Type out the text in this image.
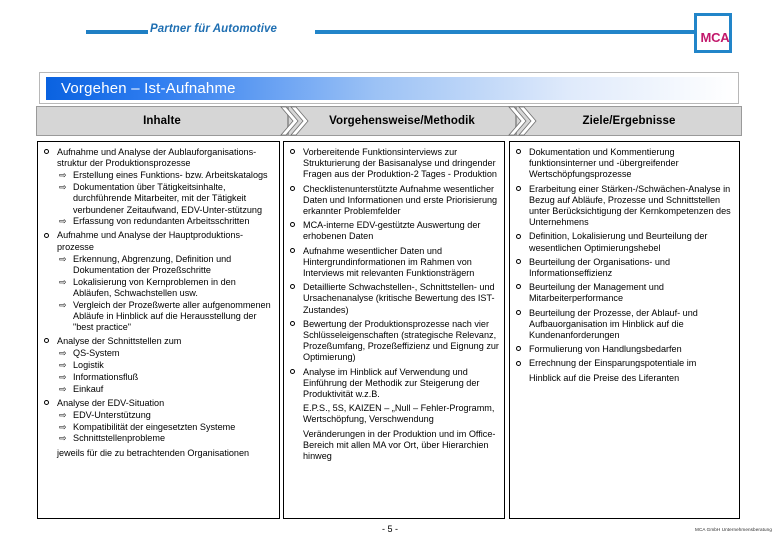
Partner für Automotive
MCA
Vorgehen – Ist-Aufnahme
Inhalte	Vorgehensweise/Methodik	Ziele/Ergebnisse
Aufnahme und Analyse der Aublauforganisations-struktur der Produktionsprozesse
⇨ Erstellung eines Funktions- bzw. Arbeitskatalogs
⇨ Dokumentation über Tätigkeitsinhalte, durchführende Mitarbeiter, mit der Tätigkeit verbundener Zeitaufwand, EDV-Unter-stützung
⇨ Erfassung von redundanten Arbeitsschritten
Aufnahme und Analyse der Hauptproduktions-prozesse
⇨ Erkennung, Abgrenzung, Definition und Dokumentation der Prozeßschritte
⇨ Lokalisierung von Kernproblemen in den Abläufen, Schwachstellen usw.
⇨ Vergleich der Prozeßwerte aller aufgenommenen Abläufe in Hinblick auf die Herausstellung der "best practice"
Analyse der Schnittstellen zum
⇨ QS-System
⇨ Logistik
⇨ Informationsfluß
⇨ Einkauf
Analyse der EDV-Situation
⇨ EDV-Unterstützung
⇨ Kompatibilität der eingesetzten Systeme
⇨ Schnittstellenprobleme
jeweils für die zu betrachtenden Organisationen
Vorbereitende Funktionsinterviews zur Strukturierung der Basisanalyse und dringender Fragen aus der Produktion-2 Tages - Produktion
Checklistenunterstützte Aufnahme wesentlicher Daten und Informationen und erste Priorisierung erkannter Problemfelder
MCA-interne EDV-gestützte Auswertung der erhobenen Daten
Aufnahme wesentlicher Daten und Hintergrundinformationen im Rahmen von Interviews mit relevanten Funktionsträgern
Detaillierte Schwachstellen-, Schnittstellen- und Ursachenanalyse (kritische Bewertung des IST-Zustandes)
Bewertung der Produktionsprozesse nach vier Schlüsseleigenschaften (strategische Relevanz, Prozeßumfang, Prozeßeffizienz und Eignung zur Optimierung)
Analyse im Hinblick auf Verwendung und Einführung der Methodik zur Steigerung der Produktivität w.z.B.
E.P.S., 5S, KAIZEN – „Null – Fehler-Programm, Wertschöpfung, Verschwendung
Veränderungen in der Produktion und im Office-Bereich mit allen MA vor Ort, über Hierarchien hinweg
Dokumentation und Kommentierung funktionsinterner und -übergreifender Wertschöpfungsprozesse
Erarbeitung einer Stärken-/Schwächen-Analyse in Bezug auf Abläufe, Prozesse und Schnittstellen unter Berücksichtigung der Kernkompetenzen des Unternehmens
Definition, Lokalisierung und Beurteilung der wesentlichen Optimierungshebel
Beurteilung der Organisations- und Informationseffizienz
Beurteilung der Management und Mitarbeiterperformance
Beurteilung der Prozesse, der Ablauf- und Aufbauorganisation im Hinblick auf die Kundenanforderungen
Formulierung von Handlungsbedarfen
Errechnung der Einsparungspotentiale im
Hinblick auf die Preise des Liferanten
- 5 -	MCA GmbH Unternehmensberatung
